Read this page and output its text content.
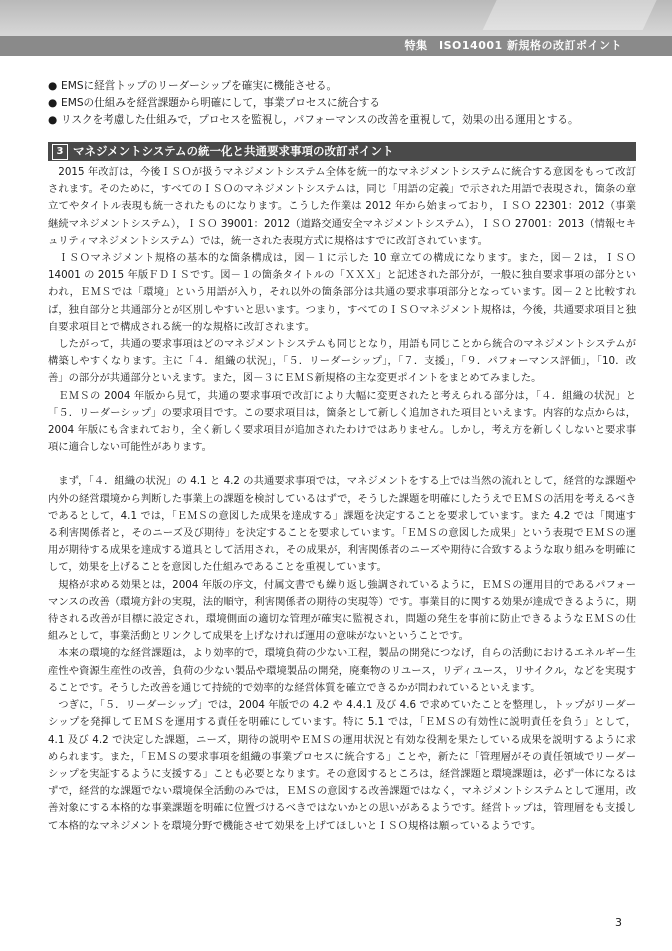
特集　ISO14001 新規格の改訂ポイント
● EMSに経営トップのリーダーシップを確実に機能させる。
● EMSの仕組みを経営課題から明確にして，事業プロセスに統合する
● リスクを考慮した仕組みで，プロセスを監視し，パフォーマンスの改善を重視して，効果の出る運用とする。
3 マネジメントシステムの統一化と共通要求事項の改訂ポイント

2015 年改訂は，今後ＩＳＯが扱うマネジメントシステム全体を統一的なマネジメントシステムに統合する意図をもって改訂されます。そのために，すべてのＩＳＯのマネジメントシステムは，同じ「用語の定義」で示された用語で表現され，箇条の章立てやタイトル表現も統一されたものになります。こうした作業は 2012 年から始まっており，ＩＳＯ 22301：2012（事業継続マネジメントシステム），ＩＳＯ 39001：2012（道路交通安全マネジメントシステム），ＩＳＯ 27001：2013（情報セキュリティマネジメントシステム）では，統一された表現方式に規格はすでに改訂されています。

ＩＳＯマネジメント規格の基本的な箇条構成は，図－１に示した 10 章立ての構成になります。また，図－２は，ＩＳＯ 14001 の 2015 年版ＦＤＩＳです。図－１の箇条タイトルの「ＸＸＸ」と記述された部分が，一般に独自要求事項の部分といわれ，ＥＭＳでは「環境」という用語が入り，それ以外の箇条部分は共通の要求事項部分となっています。図－２と比較すれば，独自部分と共通部分とが区別しやすいと思います。つまり，すべてのＩＳＯマネジメント規格は，今後，共通要求項目と独自要求項目とで構成される統一的な規格に改訂されます。

したがって，共通の要求事項はどのマネジメントシステムも同じとなり，用語も同じことから統合のマネジメントシステムが構築しやすくなります。主に「４．組織の状況」，「５．リーダーシップ」，「７．支援」，「９．パフォーマンス評価」，「10．改善」の部分が共通部分といえます。また，図－３にＥＭＳ新規格の主な変更ポイントをまとめてみました。

ＥＭＳの 2004 年版から見て，共通の要求事項で改訂により大幅に変更されたと考えられる部分は，「４．組織の状況」と「５．リーダーシップ」の要求項目です。この要求項目は，箇条として新しく追加された項目といえます。内容的な点からは，2004 年版にも含まれており，全く新しく要求項目が追加されたわけではありません。しかし，考え方を新しくしないと要求事項に適合しない可能性があります。

まず，「４．組織の状況」の 4.1 と 4.2 の共通要求事項では，マネジメントをする上では当然の流れとして，経営的な課題や内外の経営環境から判断した事業上の課題を検討しているはずで，そうした課題を明確にしたうえでＥＭＳの活用を考えるべきであるとして，4.1 では，「ＥＭＳの意図した成果を達成する」課題を決定することを要求しています。また 4.2 では「関連する利害関係者と，そのニーズ及び期待」を決定することを要求しています。「ＥＭＳの意図した成果」という表現でＥＭＳの運用が期待する成果を達成する道具として活用され，その成果が，利害関係者のニーズや期待に合致するような取り組みを明確にして，効果を上げることを意図した仕組みであることを重視しています。

規格が求める効果とは，2004 年版の序文，付属文書でも繰り返し強調されているように，ＥＭＳの運用目的であるパフォーマンスの改善（環境方針の実現，法的順守，利害関係者の期待の実現等）です。事業目的に関する効果が達成できるように，期待される改善が目標に設定され，環境側面の適切な管理が確実に監視され，問題の発生を事前に防止できるようなＥＭＳの仕組みとして，事業活動とリンクして成果を上げなければ運用の意味がないということです。

本来の環境的な経営課題は，より効率的で，環境負荷の少ない工程，製品の開発につなげ，自らの活動におけるエネルギー生産性や資源生産性の改善，負荷の少ない製品や環境製品の開発，廃棄物のリユース，リディユース，リサイクル，などを実現することです。そうした改善を通じて持続的で効率的な経営体質を確立できるかが問われているといえます。

つぎに，「５．リーダーシップ」では，2004 年版での 4.2 や 4.4.1 及び 4.6 で求めていたことを整理し，トップがリーダーシップを発揮してＥＭＳを運用する責任を明確にしています。特に 5.1 では，「ＥＭＳの有効性に説明責任を負う」として，4.1 及び 4.2 で決定した課題，ニーズ，期待の説明やＥＭＳの運用状況と有効な役割を果たしている成果を説明するように求められます。また，「ＥＭＳの要求事項を組織の事業プロセスに統合する」ことや，新たに「管理層がその責任領域でリーダーシップを実証するように支援する」ことも必要となります。その意図するところは，経営課題と環境課題は，必ず一体になるはずで，経営的な課題でない環境保全活動のみでは，ＥＭＳの意図する改善課題ではなく，マネジメントシステムとして運用，改善対象にする本格的な事業課題を明確に位置づけるべきではないかとの思いがあるようです。経営トップは，管理層をも支援して本格的なマネジメントを環境分野で機能させて効果を上げてほしいとＩＳＯ規格は願っているようです。

3
